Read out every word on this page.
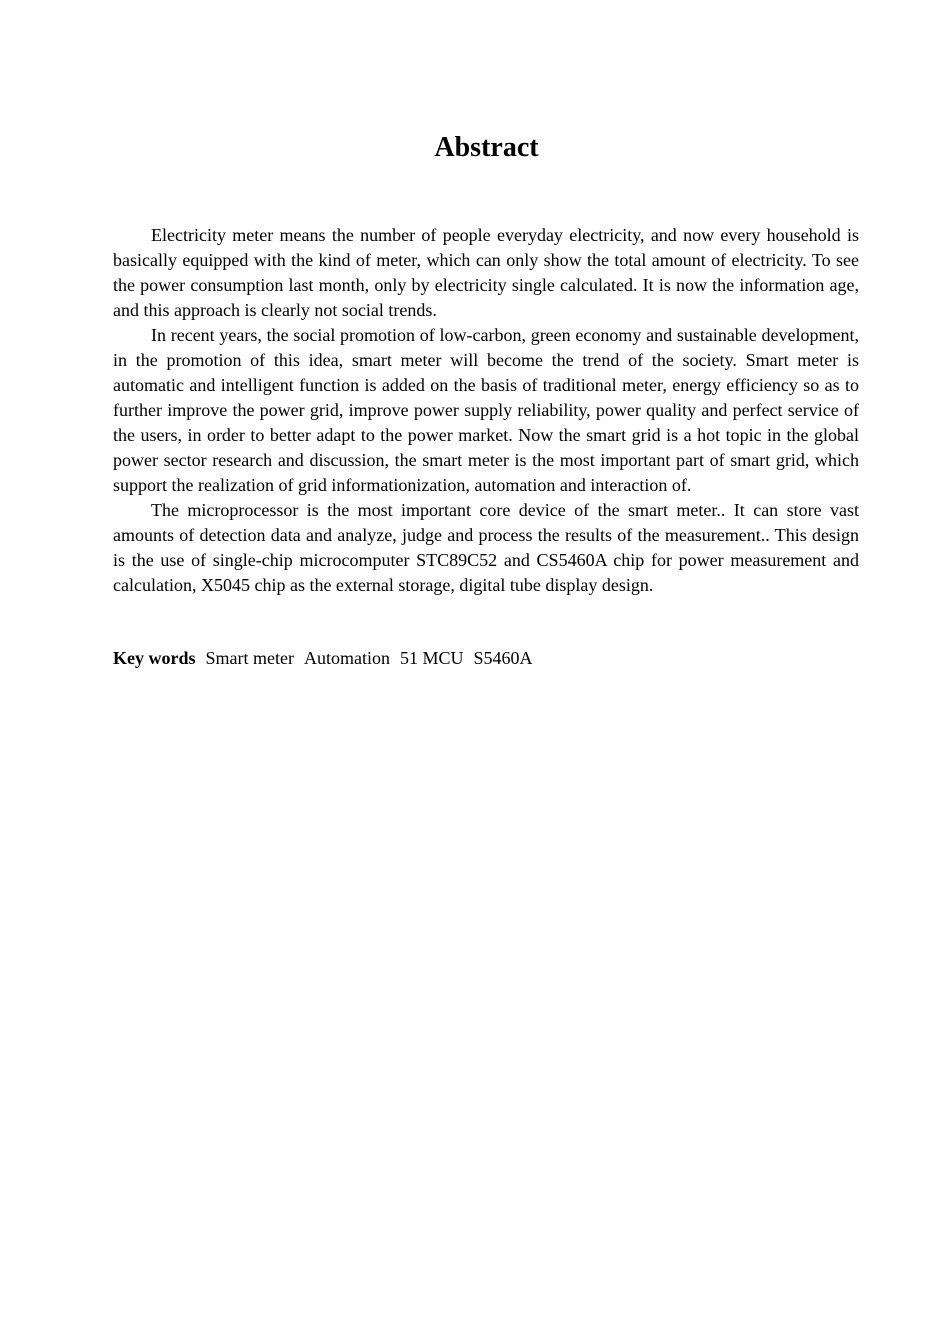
Abstract

Electricity meter means the number of people everyday electricity, and now every household is basically equipped with the kind of meter, which can only show the total amount of electricity. To see the power consumption last month, only by electricity single calculated. It is now the information age, and this approach is clearly not social trends.

In recent years, the social promotion of low-carbon, green economy and sustainable development, in the promotion of this idea, smart meter will become the trend of the society. Smart meter is automatic and intelligent function is added on the basis of traditional meter, energy efficiency so as to further improve the power grid, improve power supply reliability, power quality and perfect service of the users, in order to better adapt to the power market. Now the smart grid is a hot topic in the global power sector research and discussion, the smart meter is the most important part of smart grid, which support the realization of grid informationization, automation and interaction of.

The microprocessor is the most important core device of the smart meter.. It can store vast amounts of detection data and analyze, judge and process the results of the measurement.. This design is the use of single-chip microcomputer STC89C52 and CS5460A chip for power measurement and calculation, X5045 chip as the external storage, digital tube display design.

Key words Smart meter Automation 51 MCU S5460A
